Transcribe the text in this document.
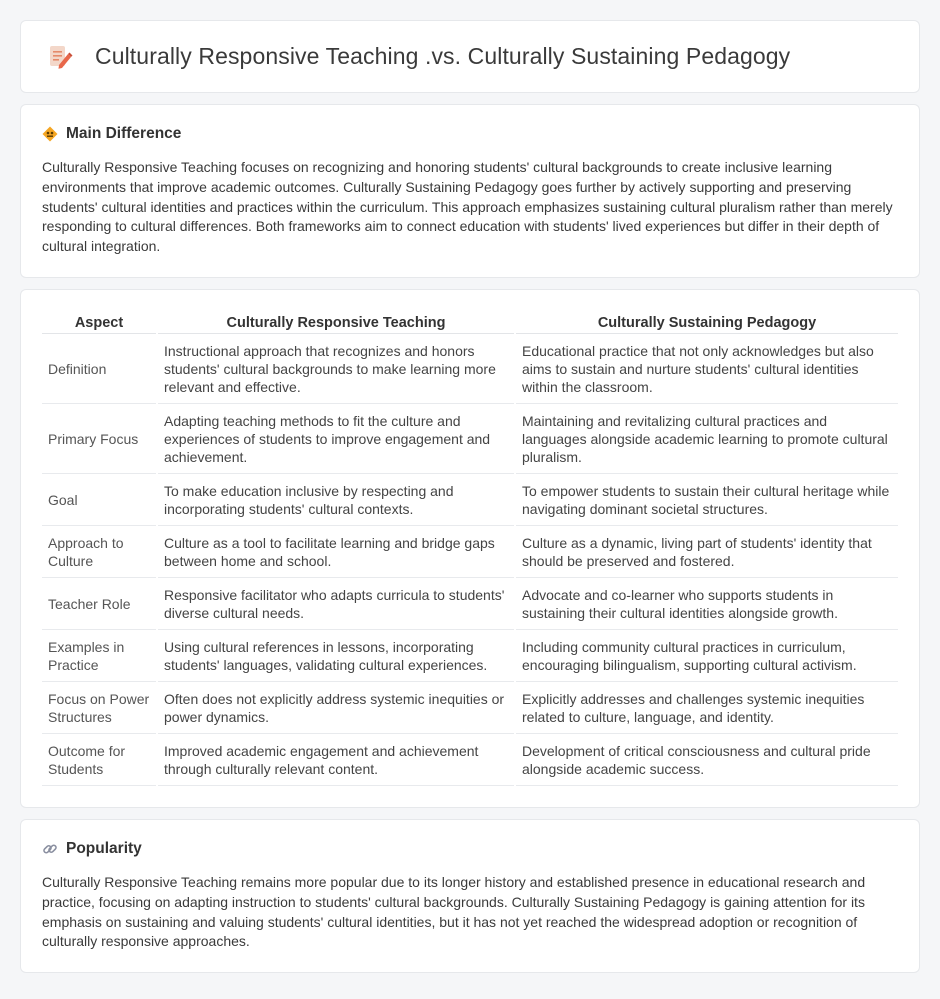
Culturally Responsive Teaching .vs. Culturally Sustaining Pedagogy
Main Difference

Culturally Responsive Teaching focuses on recognizing and honoring students' cultural backgrounds to create inclusive learning environments that improve academic outcomes. Culturally Sustaining Pedagogy goes further by actively supporting and preserving students' cultural identities and practices within the curriculum. This approach emphasizes sustaining cultural pluralism rather than merely responding to cultural differences. Both frameworks aim to connect education with students' lived experiences but differ in their depth of cultural integration.

Aspect	Culturally Responsive Teaching	Culturally Sustaining Pedagogy
Definition	Instructional approach that recognizes and honors students' cultural backgrounds to make learning more relevant and effective.	Educational practice that not only acknowledges but also aims to sustain and nurture students' cultural identities within the classroom.
Primary Focus	Adapting teaching methods to fit the culture and experiences of students to improve engagement and achievement.	Maintaining and revitalizing cultural practices and languages alongside academic learning to promote cultural pluralism.
Goal	To make education inclusive by respecting and incorporating students' cultural contexts.	To empower students to sustain their cultural heritage while navigating dominant societal structures.
Approach to Culture	Culture as a tool to facilitate learning and bridge gaps between home and school.	Culture as a dynamic, living part of students' identity that should be preserved and fostered.
Teacher Role	Responsive facilitator who adapts curricula to students' diverse cultural needs.	Advocate and co-learner who supports students in sustaining their cultural identities alongside growth.
Examples in Practice	Using cultural references in lessons, incorporating students' languages, validating cultural experiences.	Including community cultural practices in curriculum, encouraging bilingualism, supporting cultural activism.
Focus on Power Structures	Often does not explicitly address systemic inequities or power dynamics.	Explicitly addresses and challenges systemic inequities related to culture, language, and identity.
Outcome for Students	Improved academic engagement and achievement through culturally relevant content.	Development of critical consciousness and cultural pride alongside academic success.
Popularity

Culturally Responsive Teaching remains more popular due to its longer history and established presence in educational research and practice, focusing on adapting instruction to students' cultural backgrounds. Culturally Sustaining Pedagogy is gaining attention for its emphasis on sustaining and valuing students' cultural identities, but it has not yet reached the widespread adoption or recognition of culturally responsive approaches.
